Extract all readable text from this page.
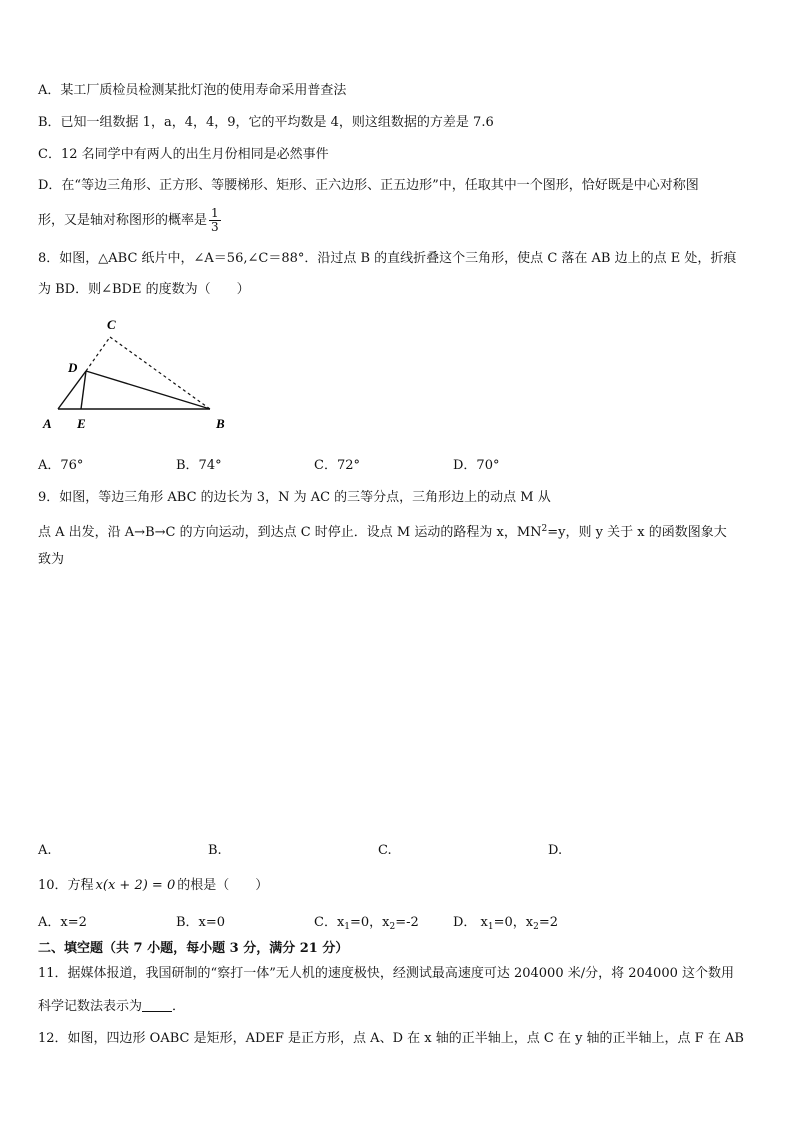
A．某工厂质检员检测某批灯泡的使用寿命采用普查法
B．已知一组数据 1，a，4，4，9，它的平均数是 4，则这组数据的方差是 7.6
C．12 名同学中有两人的出生月份相同是必然事件
D．在“等边三角形、正方形、等腰梯形、矩形、正六边形、正五边形”中，任取其中一个图形，恰好既是中心对称图
形，又是轴对称图形的概率是 $\frac{1}{3}$
8．如图，△ABC 纸片中，∠A＝56,∠C＝88°．沿过点 B 的直线折叠这个三角形，使点 C 落在 AB 边上的点 E 处，折痕
为 BD．则∠BDE 的度数为（　　）
C
D
A E	B
A．76°	B．74°	C．72°	D．70°
9．如图，等边三角形 ABC 的边长为 3，N 为 AC 的三等分点，三角形边上的动点 M 从
点 A 出发，沿 A→B→C 的方向运动，到达点 C 时停止．设点 M 运动的路程为 x，$MN^2=y$，则 y 关于 x 的函数图象大
致为
A.	B.	C.	D.
10．方程 x(x + 2) = 0 的根是（　　）
A．x=2	B．x=0	C．$x_1=0$，$x_2=-2$	D． $x_1=0$，$x_2=2$
二、填空题（共 7 小题，每小题 3 分，满分 21 分）
11．据媒体报道，我国研制的“察打一体”无人机的速度极快，经测试最高速度可达 204000 米/分，将 204000 这个数用
科学记数法表示为 ．
12．如图，四边形 OABC 是矩形，ADEF 是正方形，点 A、D 在 x 轴的正半轴上，点 C 在 y 轴的正半轴上，点 F 在 AB
